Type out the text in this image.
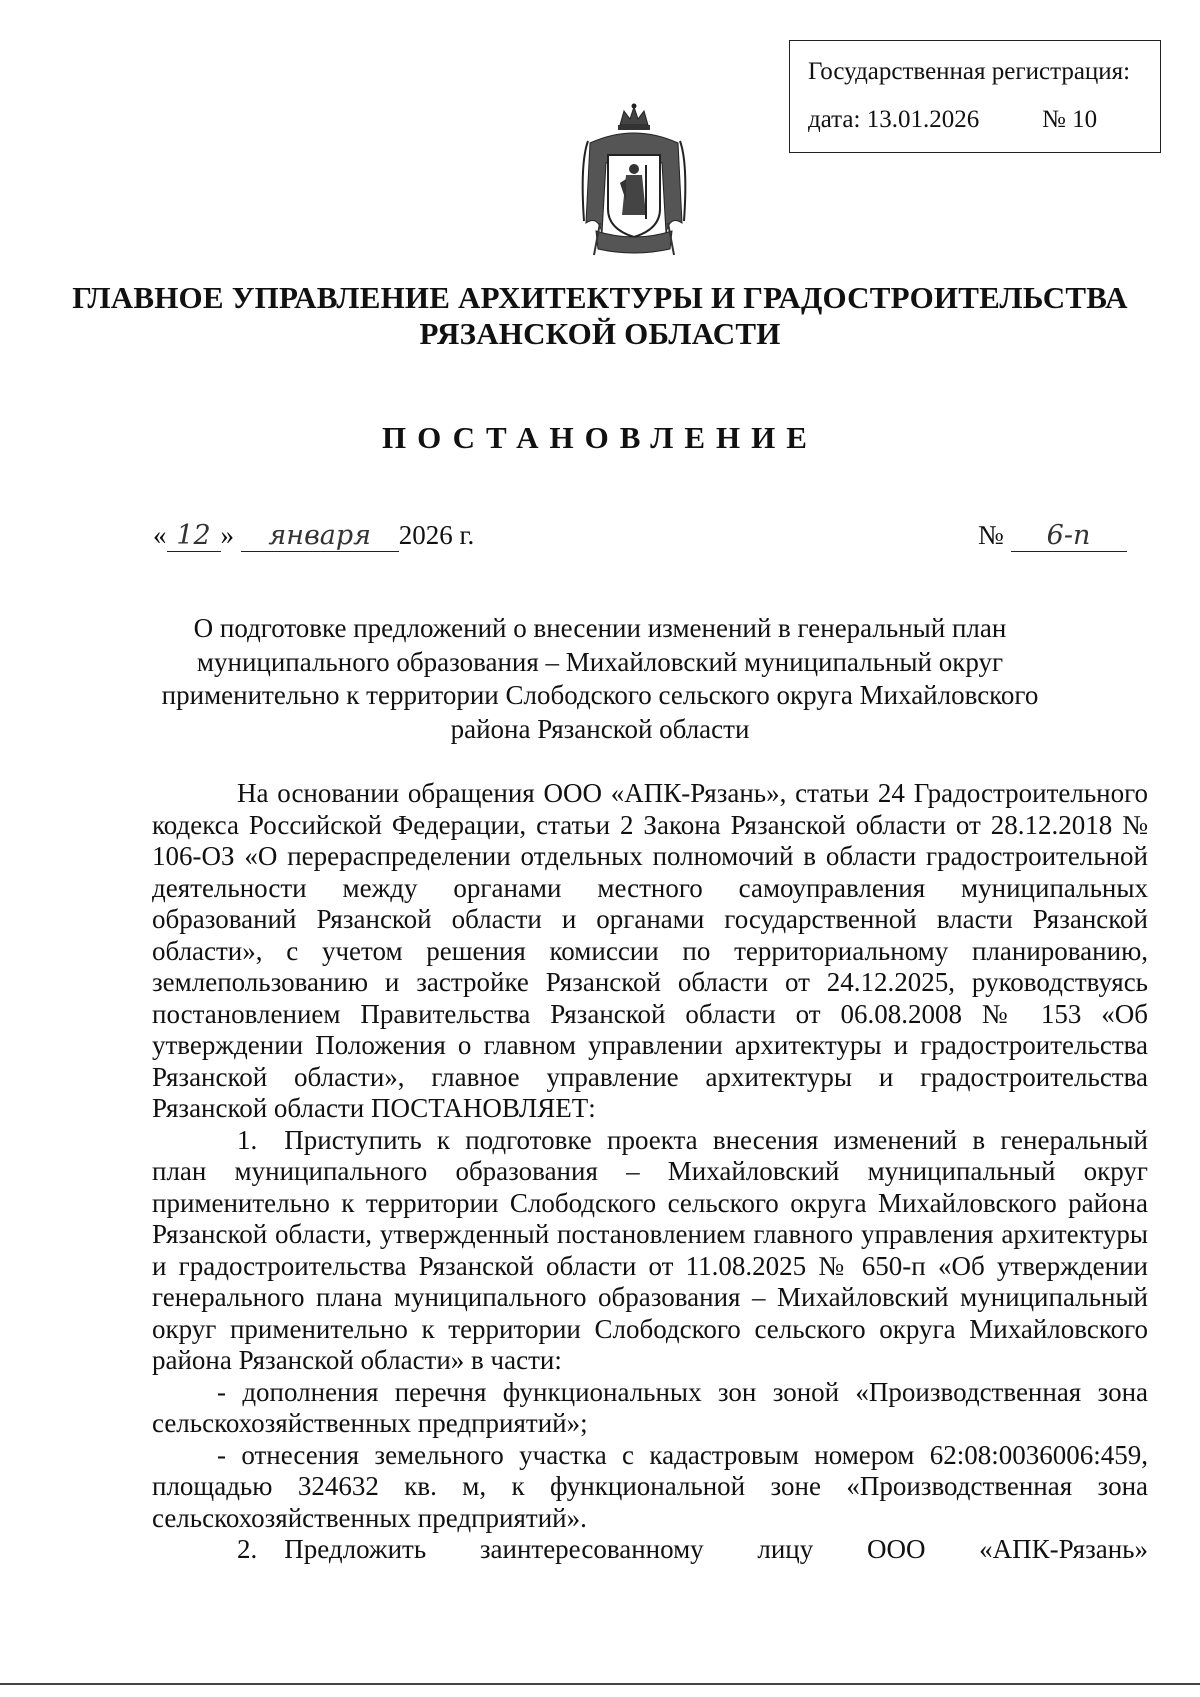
Государственная регистрация:
дата: 13.01.2026	№ 10
ГЛАВНОЕ УПРАВЛЕНИЕ АРХИТЕКТУРЫ И ГРАДОСТРОИТЕЛЬСТВА
РЯЗАНСКОЙ ОБЛАСТИ
ПОСТАНОВЛЕНИЕ
« 12 » января 2026 г.	№ 6-п
О подготовке предложений о внесении изменений в генеральный план муниципального образования – Михайловский муниципальный округ применительно к территории Слободского сельского округа Михайловского района Рязанской области

На основании обращения ООО «АПК-Рязань», статьи 24 Градостроительного кодекса Российской Федерации, статьи 2 Закона Рязанской области от 28.12.2018 № 106-ОЗ «О перераспределении отдельных полномочий в области градостроительной деятельности между органами местного самоуправления муниципальных образований Рязанской области и органами государственной власти Рязанской области», с учетом решения комиссии по территориальному планированию, землепользованию и застройке Рязанской области от 24.12.2025, руководствуясь постановлением Правительства Рязанской области от 06.08.2008 № 153 «Об утверждении Положения о главном управлении архитектуры и градостроительства Рязанской области», главное управление архитектуры и градостроительства Рязанской области ПОСТАНОВЛЯЕТ:

1. Приступить к подготовке проекта внесения изменений в генеральный план муниципального образования – Михайловский муниципальный округ применительно к территории Слободского сельского округа Михайловского района Рязанской области, утвержденный постановлением главного управления архитектуры и градостроительства Рязанской области от 11.08.2025 № 650-п «Об утверждении генерального плана муниципального образования – Михайловский муниципальный округ применительно к территории Слободского сельского округа Михайловского района Рязанской области» в части:

- дополнения перечня функциональных зон зоной «Производственная зона сельскохозяйственных предприятий»;

- отнесения земельного участка с кадастровым номером 62:08:0036006:459, площадью 324632 кв. м, к функциональной зоне «Производственная зона сельскохозяйственных предприятий».

2. Предложить заинтересованному лицу ООО «АПК-Рязань»
